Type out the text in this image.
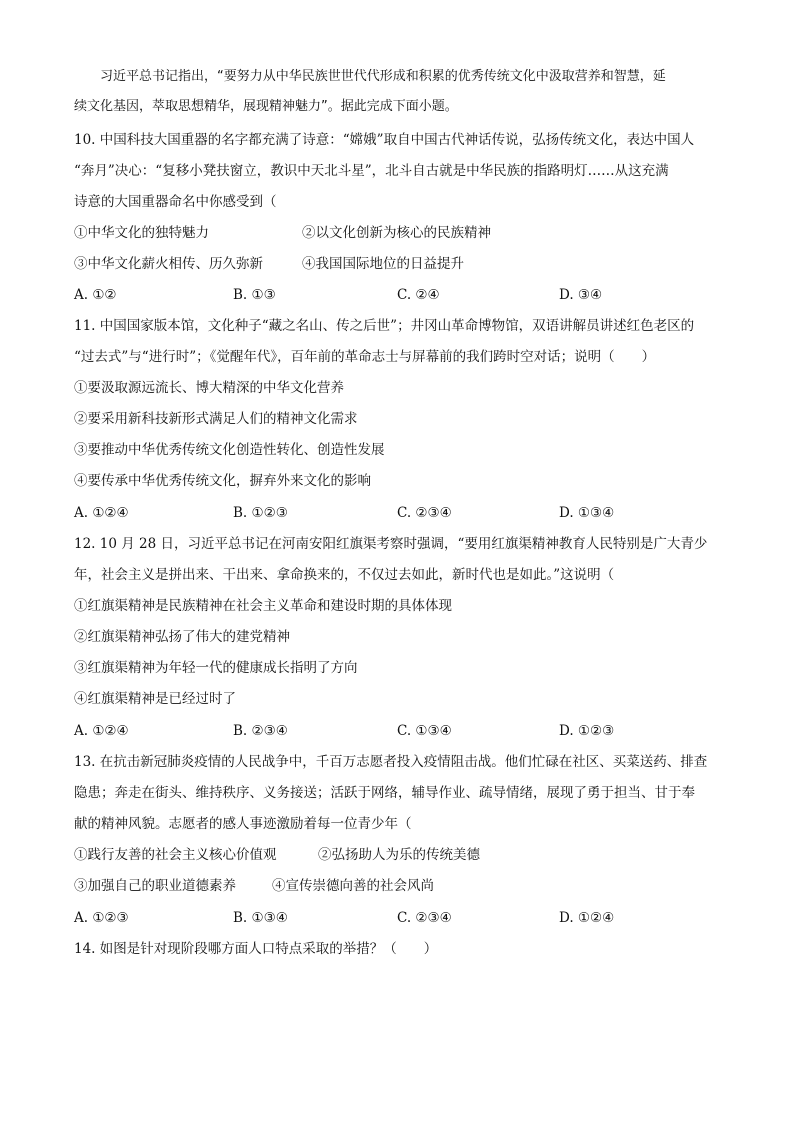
习近平总书记指出，“要努力从中华民族世世代代形成和积累的优秀传统文化中汲取营养和智慧，延
续文化基因，萃取思想精华，展现精神魅力”。据此完成下面小题。
10. 中国科技大国重器的名字都充满了诗意：“嫦娥”取自中国古代神话传说，弘扬传统文化，表达中国人
“奔月”决心：“复移小凳扶窗立，教识中天北斗星”，北斗自古就是中华民族的指路明灯……从这充满
诗意的大国重器命名中你感受到（
①中华文化的独特魅力	②以文化创新为核心的民族精神
③中华文化薪火相传、历久弥新	④我国国际地位的日益提升
A. ①②	B. ①③	C. ②④	D. ③④
11. 中国国家版本馆，文化种子“藏之名山、传之后世”；井冈山革命博物馆，双语讲解员讲述红色老区的
“过去式”与“进行时”；《觉醒年代》，百年前的革命志士与屏幕前的我们跨时空对话；说明（　　）
①要汲取源远流长、博大精深的中华文化营养
②要采用新科技新形式满足人们的精神文化需求
③要推动中华优秀传统文化创造性转化、创造性发展
④要传承中华优秀传统文化，摒弃外来文化的影响
A. ①②④	B. ①②③	C. ②③④	D. ①③④
12. 10 月 28 日，习近平总书记在河南安阳红旗渠考察时强调，“要用红旗渠精神教育人民特别是广大青少
年，社会主义是拼出来、干出来、拿命换来的，不仅过去如此，新时代也是如此。”这说明（
①红旗渠精神是民族精神在社会主义革命和建设时期的具体体现
②红旗渠精神弘扬了伟大的建党精神
③红旗渠精神为年轻一代的健康成长指明了方向
④红旗渠精神是已经过时了
A. ①②④	B. ②③④	C. ①③④	D. ①②③
13. 在抗击新冠肺炎疫情的人民战争中，千百万志愿者投入疫情阻击战。他们忙碌在社区、买菜送药、排查
隐患；奔走在街头、维持秩序、义务接送；活跃于网络，辅导作业、疏导情绪，展现了勇于担当、甘于奉
献的精神风貌。志愿者的感人事迹激励着每一位青少年（
①践行友善的社会主义核心价值观	②弘扬助人为乐的传统美德
③加强自己的职业道德素养	④宣传崇德向善的社会风尚
A. ①②③	B. ①③④	C. ②③④	D. ①②④
14. 如图是针对现阶段哪方面人口特点采取的举措？（　　）
